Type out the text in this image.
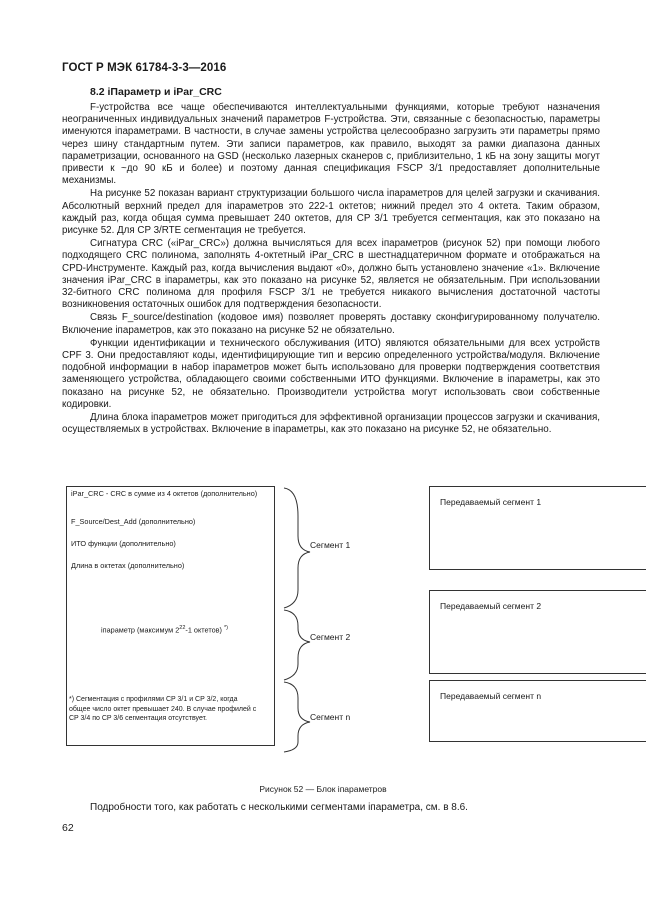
ГОСТ Р МЭК 61784-3-3—2016
8.2 iПараметр и iPar_CRC

F-устройства все чаще обеспечиваются интеллектуальными функциями, которые требуют назначения неограниченных индивидуальных значений параметров F-устройства. Эти, связанные с безопасностью, параметры именуются iпараметрами. В частности, в случае замены устройства целесообразно загрузить эти параметры прямо через шину стандартным путем. Эти записи параметров, как правило, выходят за рамки диапазона данных параметризации, основанного на GSD (несколько лазерных сканеров с, приблизительно, 1 кБ на зону защиты могут привести к ~до 90 кБ и более) и поэтому данная спецификация FSCP 3/1 предоставляет дополнительные механизмы.

На рисунке 52 показан вариант структуризации большого числа iпараметров для целей загрузки и скачивания. Абсолютный верхний предел для iпараметров это 222-1 октетов; нижний предел это 4 октета. Таким образом, каждый раз, когда общая сумма превышает 240 октетов, для CP 3/1 требуется сегментация, как это показано на рисунке 52. Для CP 3/RTE сегментация не требуется.

Сигнатура CRC («iPar_CRC») должна вычисляться для всех iпараметров (рисунок 52) при помощи любого подходящего CRC полинома, заполнять 4-октетный iPar_CRC в шестнадцатеричном формате и отображаться на CPD-Инструменте. Каждый раз, когда вычисления выдают «0», должно быть установлено значение «1». Включение значения iPar_CRC в iпараметры, как это показано на рисунке 52, является не обязательным. При использовании 32-битного CRC полинома для профиля FSCP 3/1 не требуется никакого вычисления достаточной частоты возникновения остаточных ошибок для подтверждения безопасности.

Связь F_source/destination (кодовое имя) позволяет проверять доставку сконфигурированному получателю. Включение iпараметров, как это показано на рисунке 52 не обязательно.

Функции идентификации и технического обслуживания (ИТО) являются обязательными для всех устройств CPF 3. Они предоставляют коды, идентифицирующие тип и версию определенного устройства/модуля. Включение подобной информации в набор iпараметров может быть использовано для проверки подтверждения соответствия заменяющего устройства, обладающего своими собственными ИТО функциями. Включение в iпараметры, как это показано на рисунке 52, не обязательно. Производители устройства могут использовать свои собственные кодировки.

Длина блока iпараметров может пригодиться для эффективной организации процессов загрузки и скачивания, осуществляемых в устройствах. Включение в iпараметры, как это показано на рисунке 52, не обязательно.

iPar_CRC - CRC в сумме из 4 октетов (дополнительно)
F_Source/Dest_Add (дополнительно)
ИТО функции (дополнительно)
Длина в октетах (дополнительно)
iпараметр (максимум $2^{22}-1$ октетов) *)
*) Сегментация с профилями CP 3/1 и CP 3/2, когда общее число октет превышает 240. В случае профилей с CP 3/4 по CP 3/6 сегментация отсутствует.
Сегмент 1
Сегмент 2
Сегмент n
Передаваемый сегмент 1
Передаваемый сегмент 2
Передаваемый сегмент n
Рисунок 52 — Блок iпараметров
Подробности того, как работать с несколькими сегментами iпараметра, см. в 8.6.
62
